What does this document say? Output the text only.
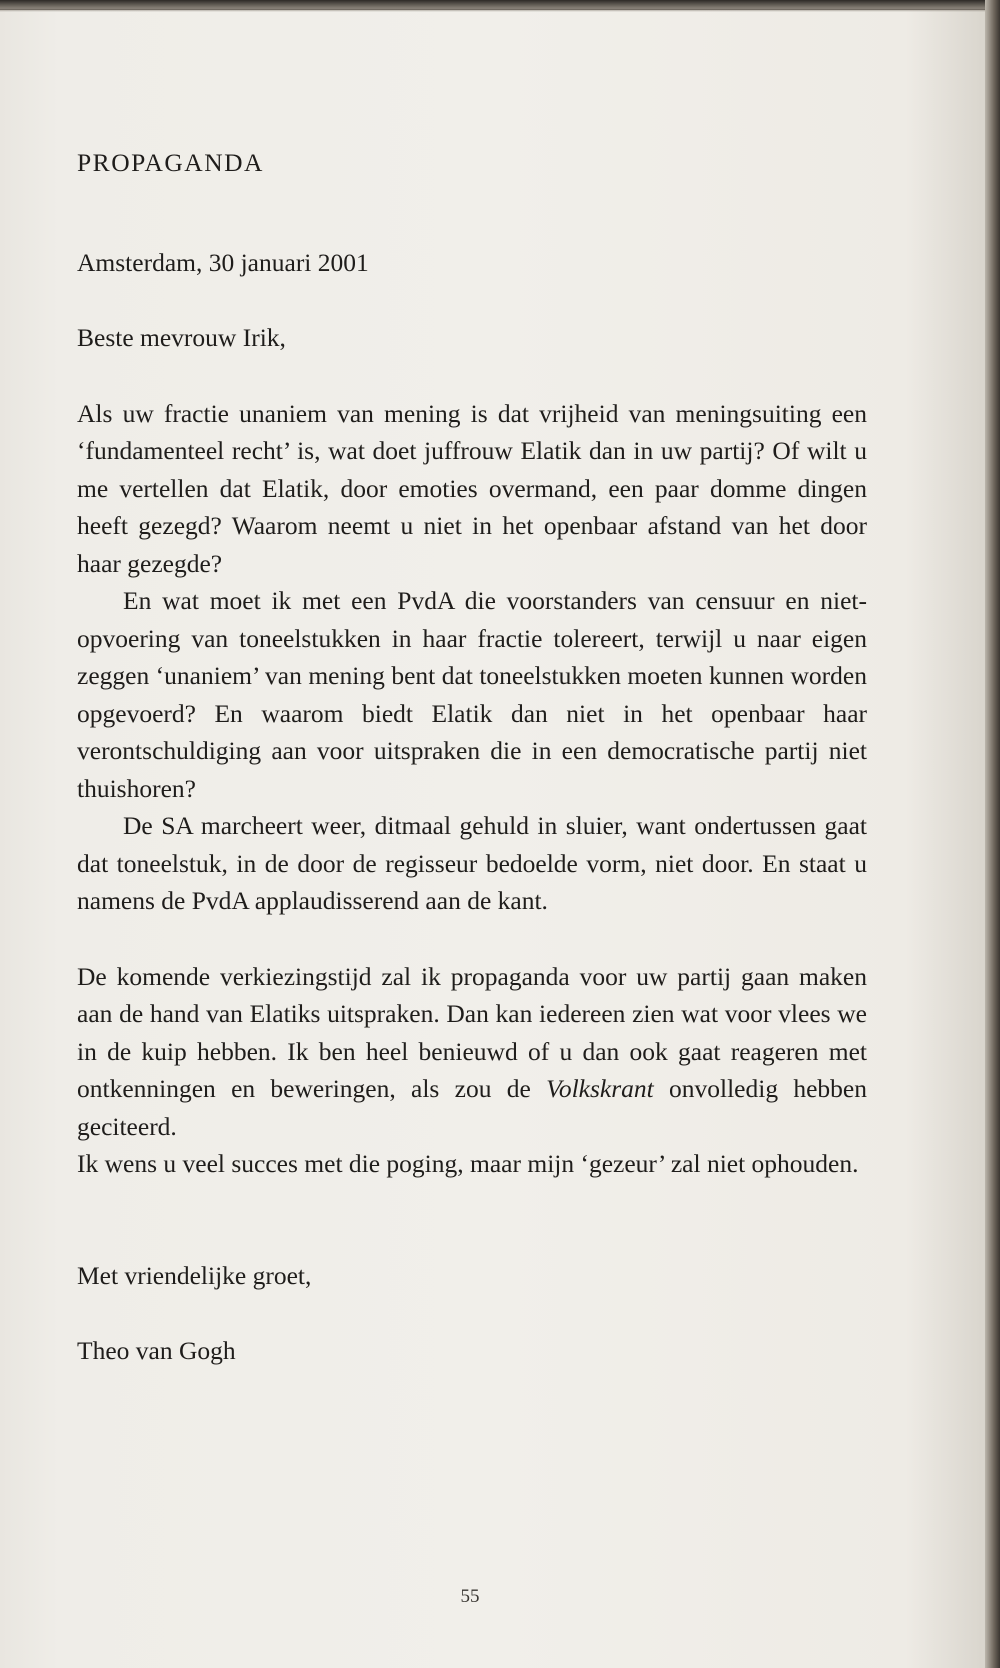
PROPAGANDA
Amsterdam, 30 januari 2001
Beste mevrouw Irik,

Als uw fractie unaniem van mening is dat vrijheid van meningsuiting een ‘fundamenteel recht’ is, wat doet juffrouw Elatik dan in uw partij? Of wilt u me vertellen dat Elatik, door emoties overmand, een paar domme dingen heeft gezegd? Waarom neemt u niet in het openbaar afstand van het door haar gezegde?

En wat moet ik met een PvdA die voorstanders van censuur en niet-opvoering van toneelstukken in haar fractie tolereert, terwijl u naar eigen zeggen ‘unaniem’ van mening bent dat toneelstukken moeten kunnen worden opgevoerd? En waarom biedt Elatik dan niet in het openbaar haar verontschuldiging aan voor uitspraken die in een democratische partij niet thuishoren?

De SA marcheert weer, ditmaal gehuld in sluier, want ondertussen gaat dat toneelstuk, in de door de regisseur bedoelde vorm, niet door. En staat u namens de PvdA applaudisserend aan de kant.

De komende verkiezingstijd zal ik propaganda voor uw partij gaan maken aan de hand van Elatiks uitspraken. Dan kan iedereen zien wat voor vlees we in de kuip hebben. Ik ben heel benieuwd of u dan ook gaat reageren met ontkenningen en beweringen, als zou de Volkskrant onvolledig hebben geciteerd.

Ik wens u veel succes met die poging, maar mijn ‘gezeur’ zal niet ophouden.

Met vriendelijke groet,
Theo van Gogh
55
